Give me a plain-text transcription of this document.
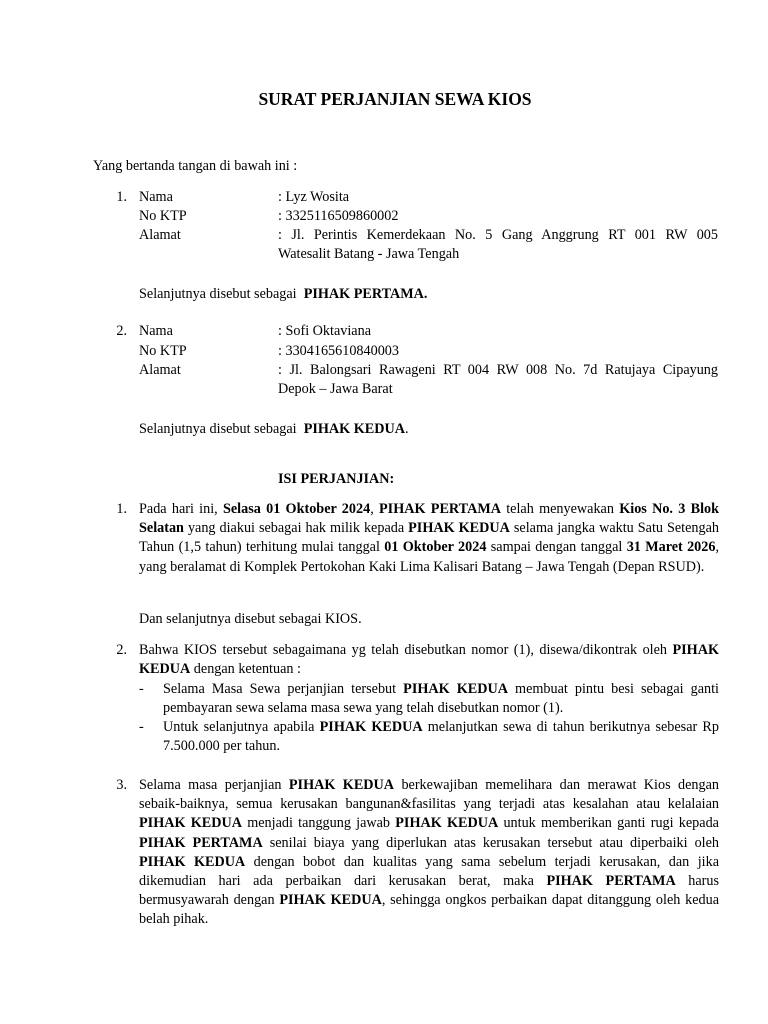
SURAT PERJANJIAN SEWA KIOS
Yang bertanda tangan di bawah ini :
1. Nama
No KTP
Alamat
: Lyz Wosita
: 3325116509860002
: Jl. Perintis Kemerdekaan No. 5 Gang Anggrung RT 001 RW 005
Watesalit Batang - Jawa Tengah
Selanjutnya disebut sebagai PIHAK PERTAMA.
2. Nama
No KTP
Alamat
: Sofi Oktaviana
: 3304165610840003
: Jl. Balongsari Rawageni RT 004 RW 008 No. 7d Ratujaya Cipayung
Depok – Jawa Barat
Selanjutnya disebut sebagai PIHAK KEDUA.
ISI PERJANJIAN:
1. Pada hari ini, Selasa 01 Oktober 2024, PIHAK PERTAMA telah menyewakan Kios No. 3 Blok Selatan yang diakui sebagai hak milik kepada PIHAK KEDUA selama jangka waktu Satu Setengah Tahun (1,5 tahun) terhitung mulai tanggal 01 Oktober 2024 sampai dengan tanggal 31 Maret 2026, yang beralamat di Komplek Pertokohan Kaki Lima Kalisari Batang – Jawa Tengah (Depan RSUD).
Dan selanjutnya disebut sebagai KIOS.
2. Bahwa KIOS tersebut sebagaimana yg telah disebutkan nomor (1), disewa/dikontrak oleh PIHAK KEDUA dengan ketentuan :
- Selama Masa Sewa perjanjian tersebut PIHAK KEDUA membuat pintu besi sebagai ganti pembayaran sewa selama masa sewa yang telah disebutkan nomor (1).
- Untuk selanjutnya apabila PIHAK KEDUA melanjutkan sewa di tahun berikutnya sebesar Rp 7.500.000 per tahun.
3. Selama masa perjanjian PIHAK KEDUA berkewajiban memelihara dan merawat Kios dengan sebaik-baiknya, semua kerusakan bangunan&fasilitas yang terjadi atas kesalahan atau kelalaian PIHAK KEDUA menjadi tanggung jawab PIHAK KEDUA untuk memberikan ganti rugi kepada PIHAK PERTAMA senilai biaya yang diperlukan atas kerusakan tersebut atau diperbaiki oleh PIHAK KEDUA dengan bobot dan kualitas yang sama sebelum terjadi kerusakan, dan jika dikemudian hari ada perbaikan dari kerusakan berat, maka PIHAK PERTAMA harus bermusyawarah dengan PIHAK KEDUA, sehingga ongkos perbaikan dapat ditanggung oleh kedua belah pihak.
